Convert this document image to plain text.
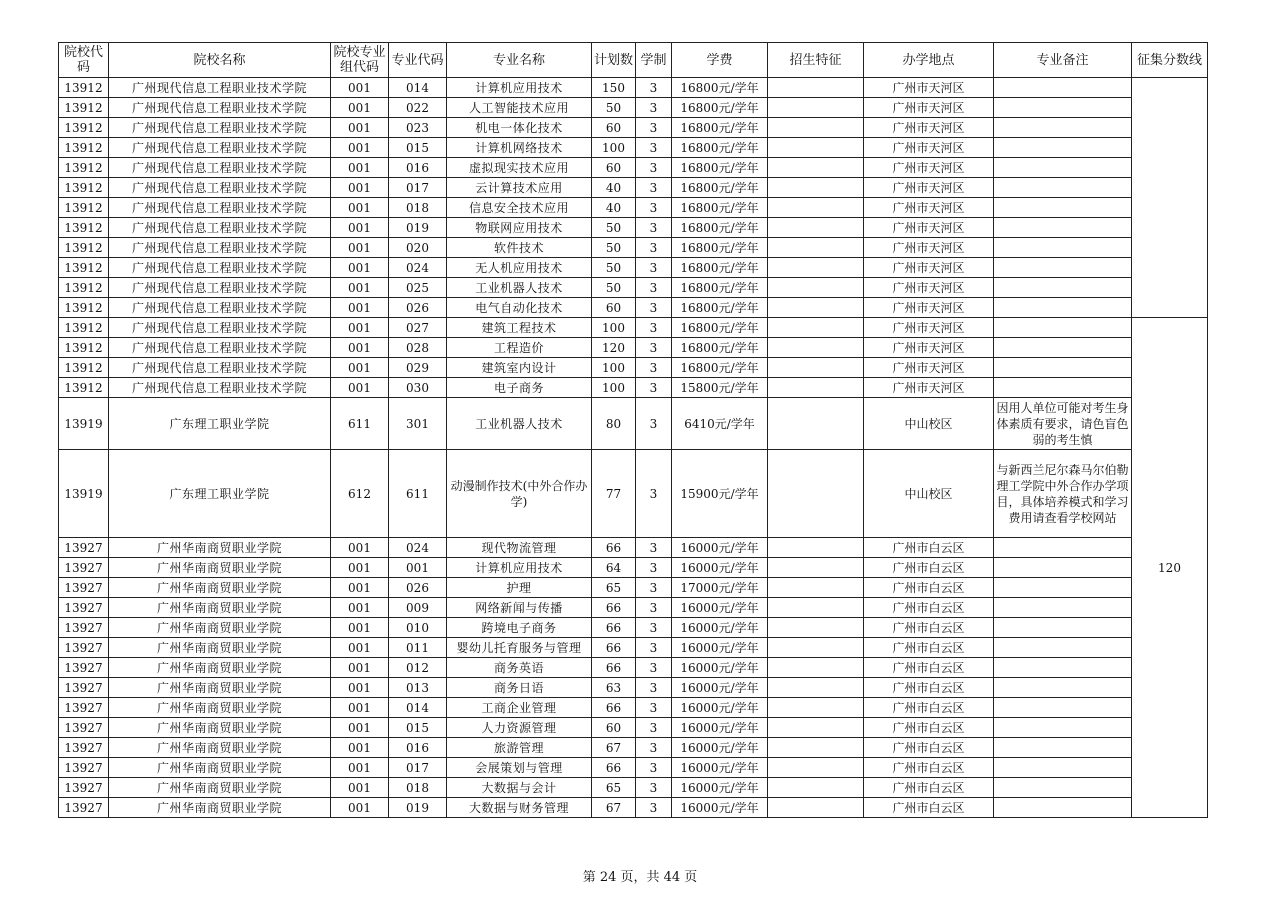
院校代码	院校名称	院校专业组代码	专业代码	专业名称	计划数	学制	学费	招生特征	办学地点	专业备注	征集分数线
13912	广州现代信息工程职业技术学院	001	014	计算机应用技术	150	3	16800元/学年		广州市天河区		
13912	广州现代信息工程职业技术学院	001	022	人工智能技术应用	50	3	16800元/学年		广州市天河区		
13912	广州现代信息工程职业技术学院	001	023	机电一体化技术	60	3	16800元/学年		广州市天河区		
13912	广州现代信息工程职业技术学院	001	015	计算机网络技术	100	3	16800元/学年		广州市天河区		
13912	广州现代信息工程职业技术学院	001	016	虚拟现实技术应用	60	3	16800元/学年		广州市天河区		
13912	广州现代信息工程职业技术学院	001	017	云计算技术应用	40	3	16800元/学年		广州市天河区		
13912	广州现代信息工程职业技术学院	001	018	信息安全技术应用	40	3	16800元/学年		广州市天河区		
13912	广州现代信息工程职业技术学院	001	019	物联网应用技术	50	3	16800元/学年		广州市天河区		
13912	广州现代信息工程职业技术学院	001	020	软件技术	50	3	16800元/学年		广州市天河区		
13912	广州现代信息工程职业技术学院	001	024	无人机应用技术	50	3	16800元/学年		广州市天河区		
13912	广州现代信息工程职业技术学院	001	025	工业机器人技术	50	3	16800元/学年		广州市天河区		
13912	广州现代信息工程职业技术学院	001	026	电气自动化技术	60	3	16800元/学年		广州市天河区		
13912	广州现代信息工程职业技术学院	001	027	建筑工程技术	100	3	16800元/学年		广州市天河区		120
13912	广州现代信息工程职业技术学院	001	028	工程造价	120	3	16800元/学年		广州市天河区		
13912	广州现代信息工程职业技术学院	001	029	建筑室内设计	100	3	16800元/学年		广州市天河区		
13912	广州现代信息工程职业技术学院	001	030	电子商务	100	3	15800元/学年		广州市天河区		
13919	广东理工职业学院	611	301	工业机器人技术	80	3	6410元/学年		中山校区	因用人单位可能对考生身体素质有要求，请色盲色弱的考生慎	
13919	广东理工职业学院	612	611	动漫制作技术(中外合作办学)	77	3	15900元/学年		中山校区	与新西兰尼尔森马尔伯勒理工学院中外合作办学项目，具体培养模式和学习费用请查看学校网站	
13927	广州华南商贸职业学院	001	024	现代物流管理	66	3	16000元/学年		广州市白云区		
13927	广州华南商贸职业学院	001	001	计算机应用技术	64	3	16000元/学年		广州市白云区		
13927	广州华南商贸职业学院	001	026	护理	65	3	17000元/学年		广州市白云区		
13927	广州华南商贸职业学院	001	009	网络新闻与传播	66	3	16000元/学年		广州市白云区		
13927	广州华南商贸职业学院	001	010	跨境电子商务	66	3	16000元/学年		广州市白云区		
13927	广州华南商贸职业学院	001	011	婴幼儿托育服务与管理	66	3	16000元/学年		广州市白云区		
13927	广州华南商贸职业学院	001	012	商务英语	66	3	16000元/学年		广州市白云区		
13927	广州华南商贸职业学院	001	013	商务日语	63	3	16000元/学年		广州市白云区		
13927	广州华南商贸职业学院	001	014	工商企业管理	66	3	16000元/学年		广州市白云区		
13927	广州华南商贸职业学院	001	015	人力资源管理	60	3	16000元/学年		广州市白云区		
13927	广州华南商贸职业学院	001	016	旅游管理	67	3	16000元/学年		广州市白云区		
13927	广州华南商贸职业学院	001	017	会展策划与管理	66	3	16000元/学年		广州市白云区		
13927	广州华南商贸职业学院	001	018	大数据与会计	65	3	16000元/学年		广州市白云区		
13927	广州华南商贸职业学院	001	019	大数据与财务管理	67	3	16000元/学年		广州市白云区		
第 24 页，共 44 页
